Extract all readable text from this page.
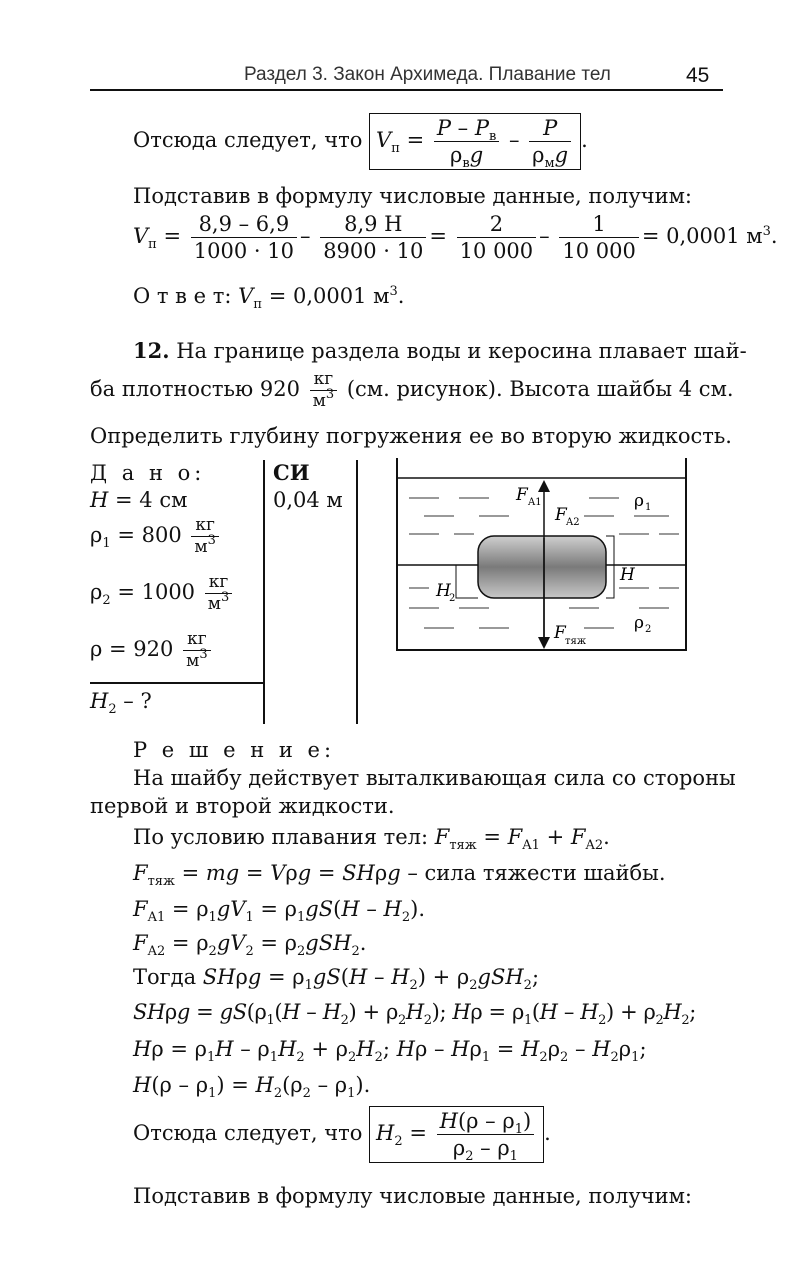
Раздел 3. Закон Архимеда. Плавание тел	45
Отсюда следует, что $V_п = \frac{P - P_в}{\rho_вg} - \frac{P}{\rho_мg}$ .
Подставив в формулу числовые данные, получим:
$V_п = \frac{8,9 - 6,9}{1000 \cdot 10} - \frac{8,9 Н}{8900 \cdot 10} = \frac{2}{10 000} - \frac{1}{10 000} = 0,0001$ $м^3$.
О т в е т: $V_п = 0,0001$ $м^3$.
12. На границе раздела воды и керосина плавает шай-
ба плотностью $920 \frac{кг}{м^3} (см$. рисунок). Высота шайбы 4 см.
Определить глубину погружения ее во вторую жидкость.
Д а н о:	СИ
H = 4 см	0,04 м
$\rho_1 = 800 \frac{кг}{м^3}$
$\rho_2 = 1000 \frac{кг}{м^3}$
$\rho = 920 \frac{кг}{м^3}$
$H_2$ – ?
F A1
F A2
F тяж
ρ 1
ρ 2
H
H
2
Р е ш е н и е:
На шайбу действует выталкивающая сила со стороны
первой и второй жидкости.
По условию плавания тел: $F_{тяж} = F_{A1} + F_{A2}$.
$F_{тяж}$ = mg = Vρg = SHρg – сила тяжести шайбы.
$F_{A1} = \rho_1gV_1 = \rho_1gS(H - H_2)$.
$F_{A2} = \rho_2gV_2 = \rho_2gSH_2$.
Тогда $SH\rho g = \rho_1gS(H - H_2) + \rho_2gSH_2$;
$SH\rho g = gS(\rho_1(H - H_2) + \rho_2H_2)$; $H\rho = \rho_1(H - H_2) + \rho_2H_2$;
$H\rho = \rho_1H - \rho_1H_2 + \rho_2H_2$; $H\rho - H\rho_1 = H_2\rho_2 - H_2\rho_1$;
$H(\rho - \rho_1) = H_2(\rho_2 - \rho_1)$.
Отсюда следует, что $H_2 = \frac{H(\rho - \rho_1)}{\rho_2 - \rho_1}$ .
Подставив в формулу числовые данные, получим:
